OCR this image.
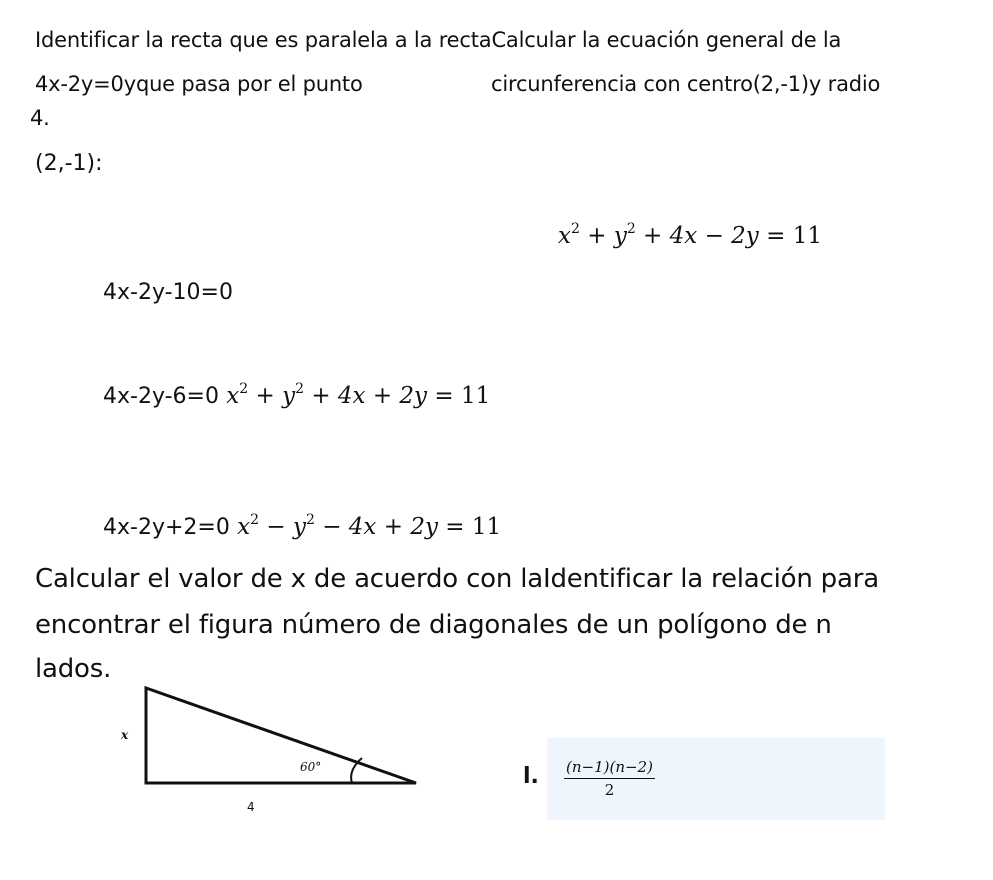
Identificar la recta que es paralela a la rectaCalcular la ecuación general de la
4x-2y=0yque pasa por el punto	circunferencia con centro(2,-1)y radio
4.
(2,-1):
$x^2 + y^2 + 4x - 2y = 11$
4x-2y-10=0
4x-2y-6=0 $x^2 + y^2 + 4x + 2y = 11$
4x-2y+2=0 $x^2 - y^2 - 4x + 2y = 11$
Calcular el valor de x de acuerdo con laIdentificar la relación para
encontrar el figura número de diagonales de un polígono de n
lados.
x
60°
4
l. $\frac{(n-1)(n-2)}{2}$
